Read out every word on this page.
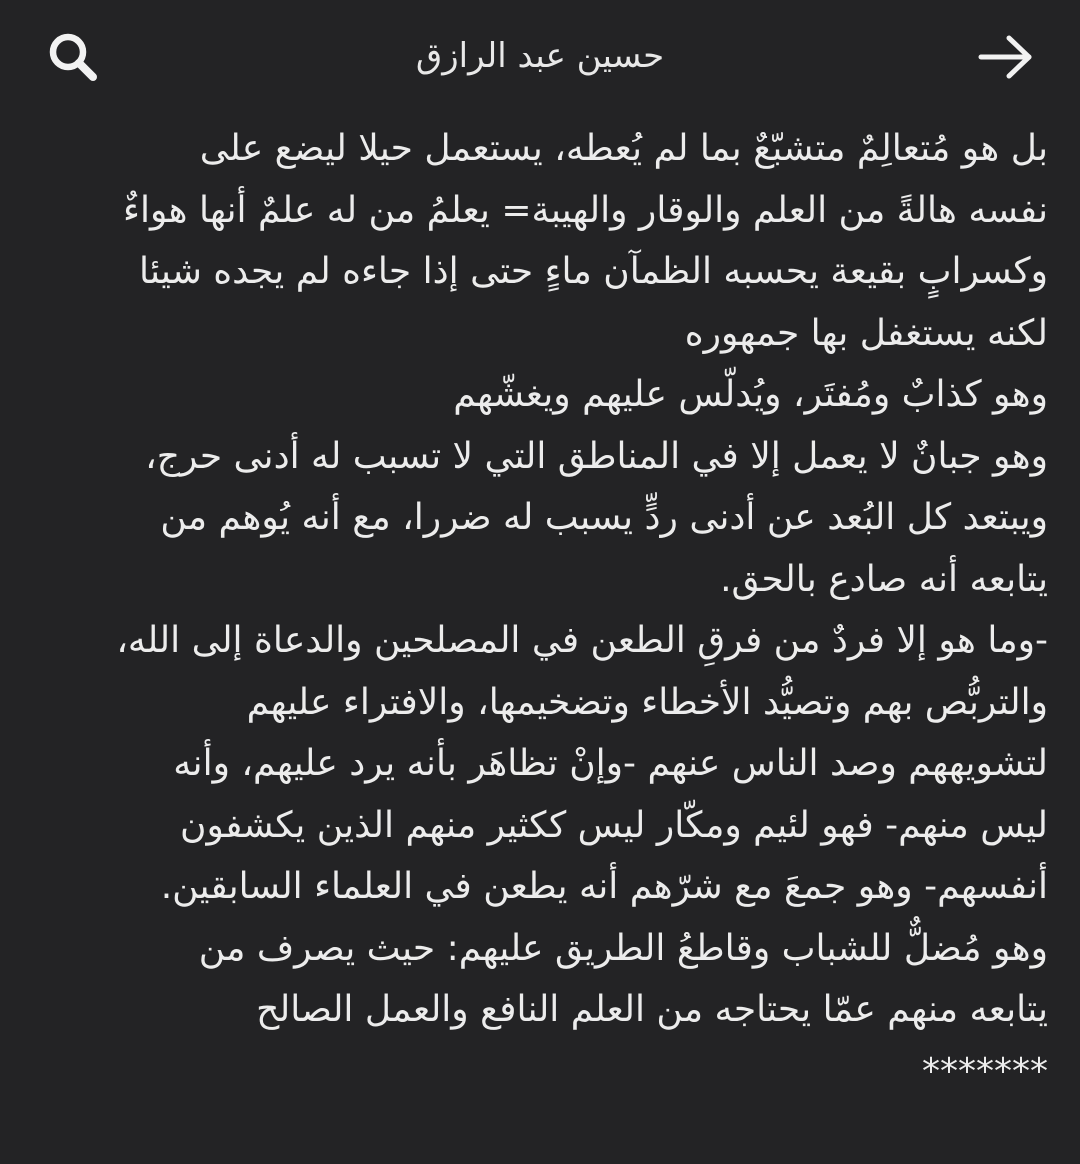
حسين عبد الرازق
بل هو مُتعالِمٌ متشبّعٌ بما لم يُعطه، يستعمل حيلا ليضع على
نفسه هالةً من العلم والوقار والهيبة= يعلمُ من له علمٌ أنها هواءٌ
وكسرابٍ بقيعة يحسبه الظمآن ماءٍ حتى إذا جاءه لم يجده شيئا
لكنه يستغفل بها جمهوره
وهو كذابٌ ومُفتَر، ويُدلّس عليهم ويغشّهم
وهو جبانٌ لا يعمل إلا في المناطق التي لا تسبب له أدنى حرج،
ويبتعد كل البُعد عن أدنى ردٍّ يسبب له ضررا، مع أنه يُوهم من
يتابعه أنه صادع بالحق.
-وما هو إلا فردٌ من فرقِ الطعن في المصلحين والدعاة إلى الله،
والتربُّص بهم وتصيُّد الأخطاء وتضخيمها، والافتراء عليهم
لتشويههم وصد الناس عنهم -وإنْ تظاهَر بأنه يرد عليهم، وأنه
ليس منهم- فهو لئيم ومكّار ليس ككثير منهم الذين يكشفون
أنفسهم- وهو جمعَ مع شرّهم أنه يطعن في العلماء السابقين.
وهو مُضلٌّ للشباب وقاطعُ الطريق عليهم: حيث يصرف من
يتابعه منهم عمّا يحتاجه من العلم النافع والعمل الصالح
*******
